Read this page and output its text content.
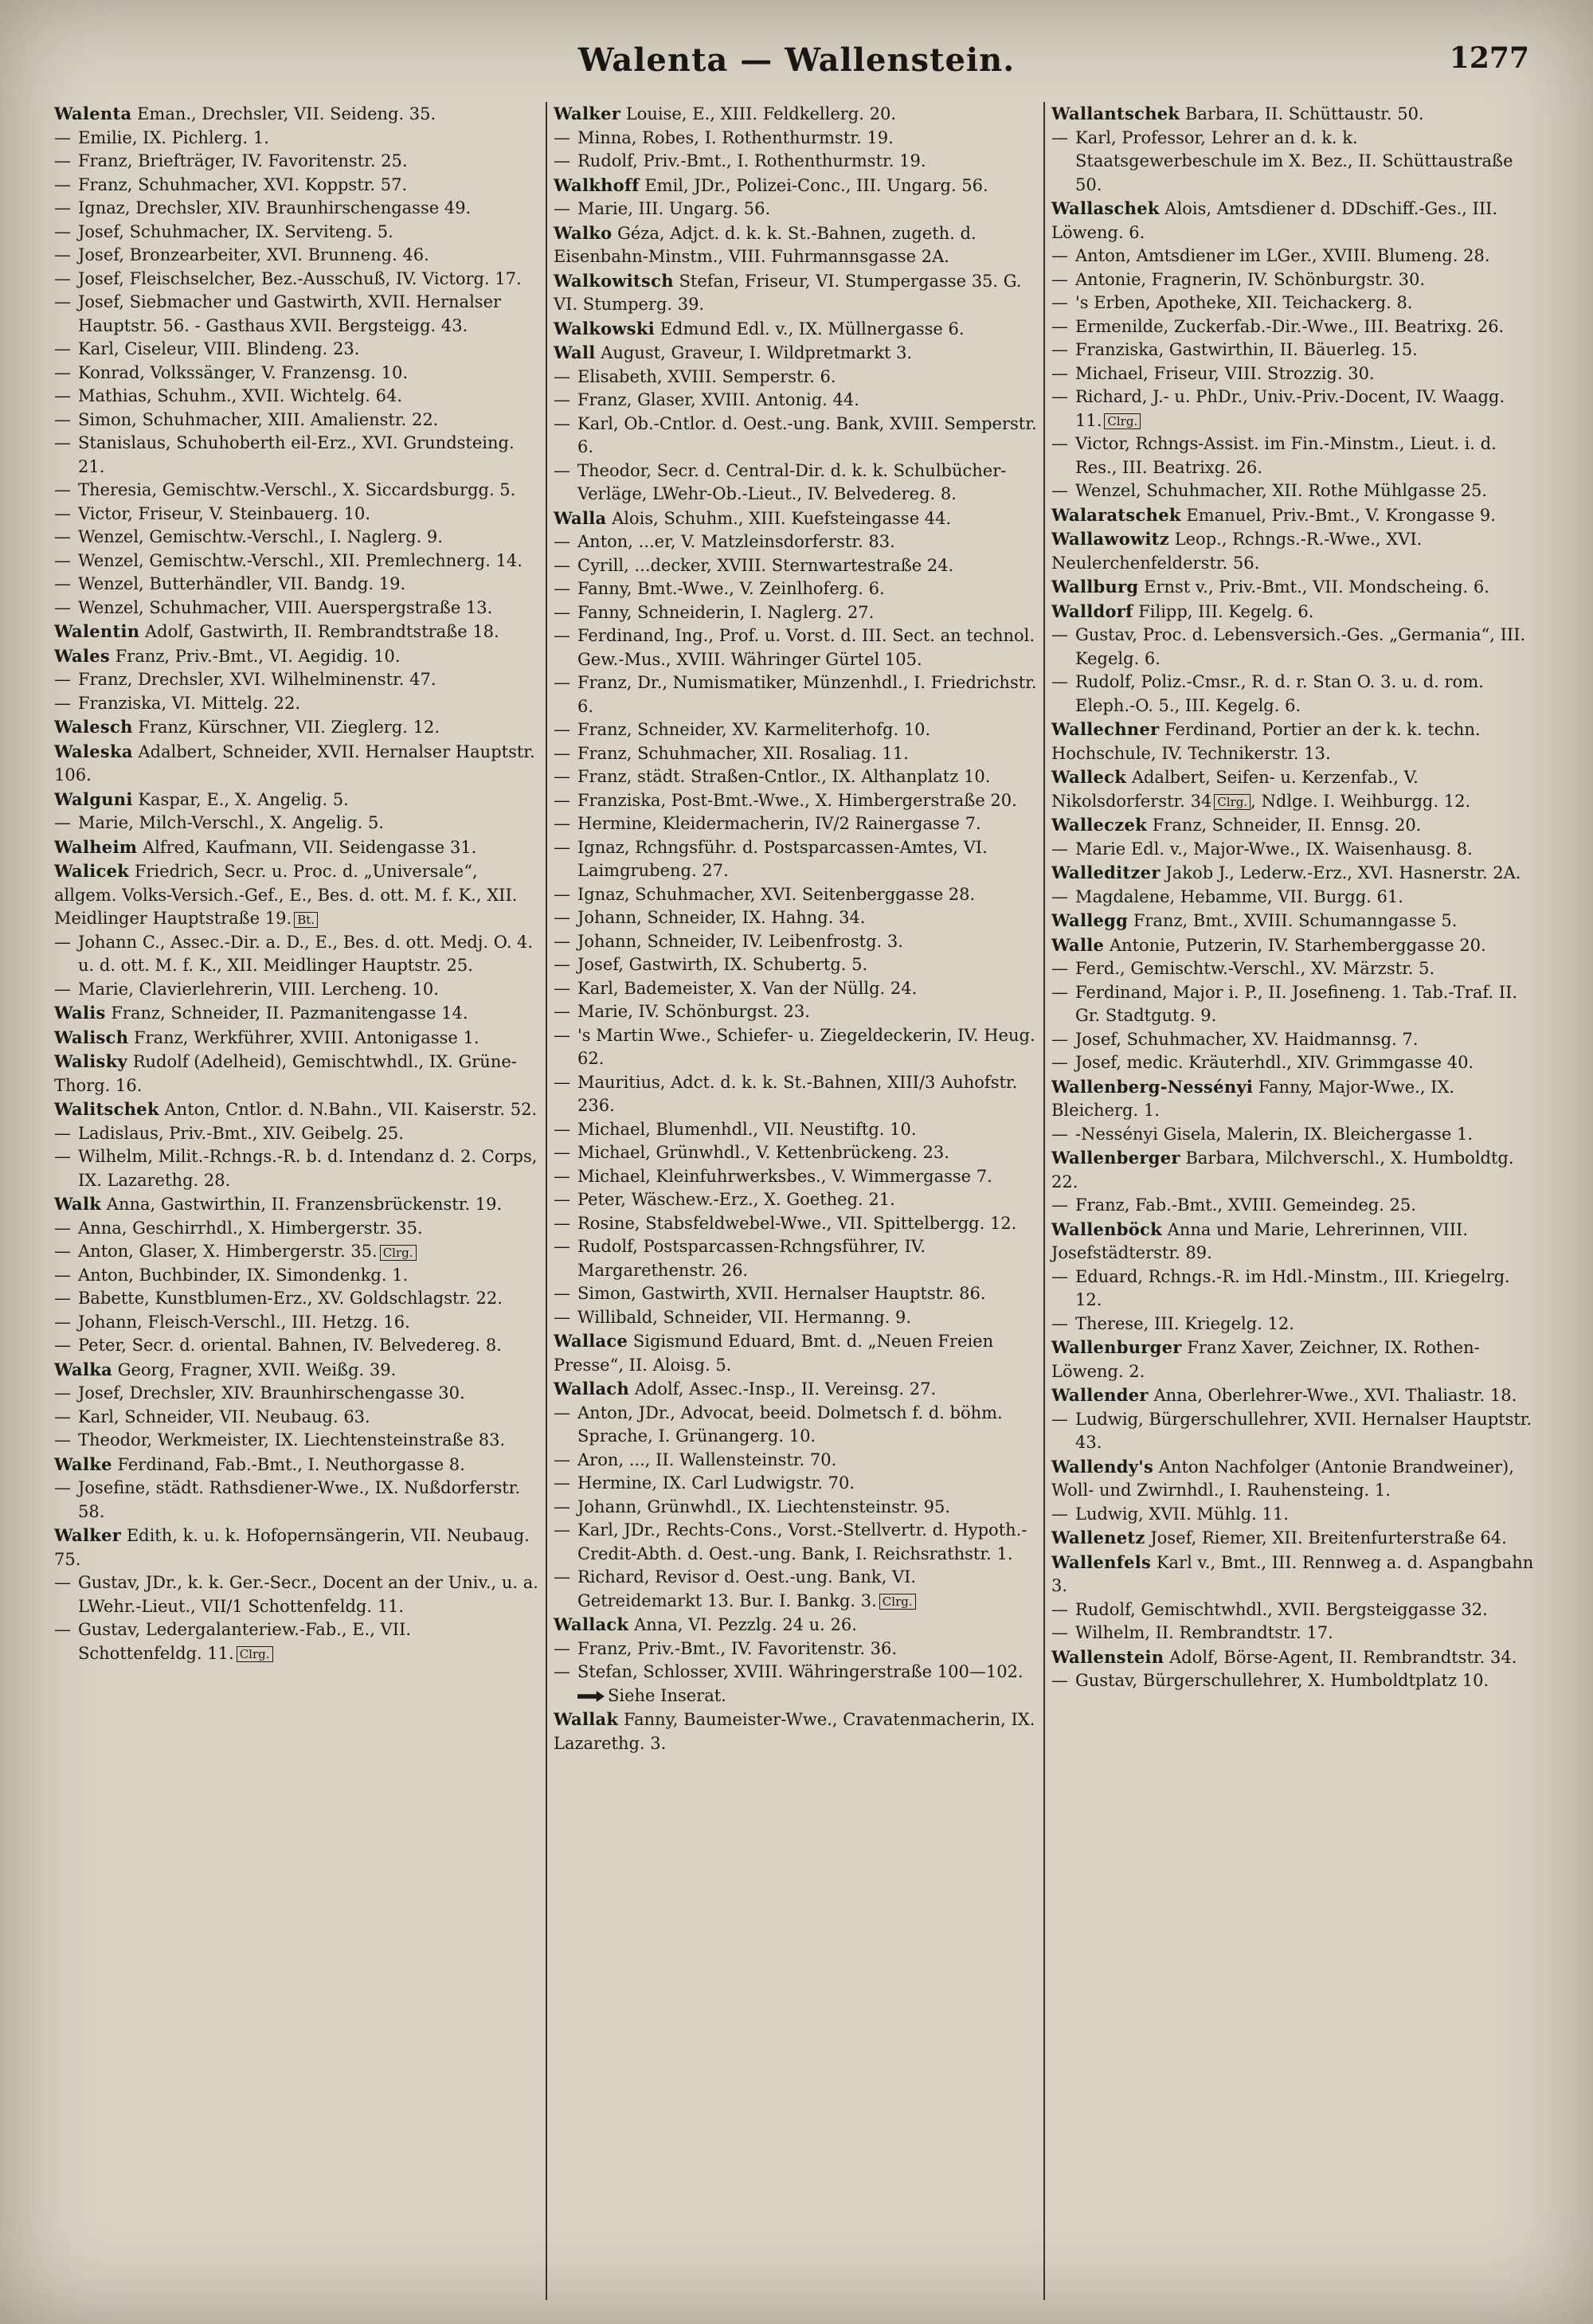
Walenta — Wallenstein.	1277
Walenta Eman., Drechsler, VII. Seideng. 35.
— Emilie, IX. Pichlerg. 1.
— Franz, Briefträger, IV. Favoritenstr. 25.
— Franz, Schuhmacher, XVI. Koppstr. 57.
— Ignaz, Drechsler, XIV. Braunhirschengasse 49.
— Josef, Schuhmacher, IX. Serviteng. 5.
— Josef, Bronzearbeiter, XVI. Brunneng. 46.
— Josef, Fleischselcher, Bez.-Ausschuß, IV. Victorg. 17.
— Josef, Siebmacher und Gastwirth, XVII. Hernalser Hauptstr. 56. - Gasthaus XVII. Bergsteigg. 43.
— Karl, Ciseleur, VIII. Blindeng. 23.
— Konrad, Volkssänger, V. Franzensg. 10.
— Mathias, Schuhm., XVII. Wichtelg. 64.
— Simon, Schuhmacher, XIII. Amalienstr. 22.
— Stanislaus, Schuhoberth eil-Erz., XVI. Grundsteing. 21.
— Theresia, Gemischtw.-Verschl., X. Siccardsburgg. 5.
— Victor, Friseur, V. Steinbauerg. 10.
— Wenzel, Gemischtw.-Verschl., I. Naglerg. 9.
— Wenzel, Gemischtw.-Verschl., XII. Premlechnerg. 14.
— Wenzel, Butterhändler, VII. Bandg. 19.
— Wenzel, Schuhmacher, VIII. Auerspergstraße 13.
Walentin Adolf, Gastwirth, II. Rembrandtstraße 18.
Wales Franz, Priv.-Bmt., VI. Aegidig. 10.
— Franz, Drechsler, XVI. Wilhelminenstr. 47.
— Franziska, VI. Mittelg. 22.
Walesch Franz, Kürschner, VII. Zieglerg. 12.
Waleska Adalbert, Schneider, XVII. Hernalser Hauptstr. 106.
Walguni Kaspar, E., X. Angelig. 5.
— Marie, Milch-Verschl., X. Angelig. 5.
Walheim Alfred, Kaufmann, VII. Seidengasse 31.
Walicek Friedrich, Secr. u. Proc. d. „Universale“, allgem. Volks-Versich.-Gef., E., Bes. d. ott. M. f. K., XII. Meidlinger Hauptstraße 19. Bt.
— Johann C., Assec.-Dir. a. D., E., Bes. d. ott. Medj. O. 4. u. d. ott. M. f. K., XII. Meidlinger Hauptstr. 25.
— Marie, Clavierlehrerin, VIII. Lercheng. 10.
Walis Franz, Schneider, II. Pazmanitengasse 14.
Walisch Franz, Werkführer, XVIII. Antonigasse 1.
Walisky Rudolf (Adelheid), Gemischtwhdl., IX. Grüne-Thorg. 16.
Walitschek Anton, Cntlor. d. N.Bahn., VII. Kaiserstr. 52.
— Ladislaus, Priv.-Bmt., XIV. Geibelg. 25.
— Wilhelm, Milit.-Rchngs.-R. b. d. Intendanz d. 2. Corps, IX. Lazarethg. 28.
Walk Anna, Gastwirthin, II. Franzensbrückenstr. 19.
— Anna, Geschirrhdl., X. Himbergerstr. 35.
— Anton, Glaser, X. Himbergerstr. 35. Clrg.
— Anton, Buchbinder, IX. Simondenkg. 1.
— Babette, Kunstblumen-Erz., XV. Goldschlagstr. 22.
— Johann, Fleisch-Verschl., III. Hetzg. 16.
— Peter, Secr. d. oriental. Bahnen, IV. Belvedereg. 8.
Walka Georg, Fragner, XVII. Weißg. 39.
— Josef, Drechsler, XIV. Braunhirschengasse 30.
— Karl, Schneider, VII. Neubaug. 63.
— Theodor, Werkmeister, IX. Liechtensteinstraße 83.
Walke Ferdinand, Fab.-Bmt., I. Neuthorgasse 8.
— Josefine, städt. Rathsdiener-Wwe., IX. Nußdorferstr. 58.
Walker Edith, k. u. k. Hofopernsängerin, VII. Neubaug. 75.
— Gustav, JDr., k. k. Ger.-Secr., Docent an der Univ., u. a. LWehr.-Lieut., VII/1 Schottenfeldg. 11.
— Gustav, Ledergalanteriew.-Fab., E., VII. Schottenfeldg. 11. Clrg.
Walker Louise, E., XIII. Feldkellerg. 20.
— Minna, Robes, I. Rothenthurmstr. 19.
— Rudolf, Priv.-Bmt., I. Rothenthurmstr. 19.
Walkhoff Emil, JDr., Polizei-Conc., III. Ungarg. 56.
— Marie, III. Ungarg. 56.
Walko Géza, Adjct. d. k. k. St.-Bahnen, zugeth. d. Eisenbahn-Minstm., VIII. Fuhrmannsgasse 2A.
Walkowitsch Stefan, Friseur, VI. Stumpergasse 35. G. VI. Stumperg. 39.
Walkowski Edmund Edl. v., IX. Müllnergasse 6.
Wall August, Graveur, I. Wildpretmarkt 3.
— Elisabeth, XVIII. Semperstr. 6.
— Franz, Glaser, XVIII. Antonig. 44.
— Karl, Ob.-Cntlor. d. Oest.-ung. Bank, XVIII. Semperstr. 6.
— Theodor, Secr. d. Central-Dir. d. k. k. Schulbücher-Verläge, LWehr-Ob.-Lieut., IV. Belvedereg. 8.
Walla Alois, Schuhm., XIII. Kuefsteingasse 44.
— Anton, ...er, V. Matzleinsdorferstr. 83.
— Cyrill, ...decker, XVIII. Sternwartestraße 24.
— Fanny, Bmt.-Wwe., V. Zeinlhoferg. 6.
— Fanny, Schneiderin, I. Naglerg. 27.
— Ferdinand, Ing., Prof. u. Vorst. d. III. Sect. an technol. Gew.-Mus., XVIII. Währinger Gürtel 105.
— Franz, Dr., Numismatiker, Münzenhdl., I. Friedrichstr. 6.
— Franz, Schneider, XV. Karmeliterhofg. 10.
— Franz, Schuhmacher, XII. Rosaliag. 11.
— Franz, städt. Straßen-Cntlor., IX. Althanplatz 10.
— Franziska, Post-Bmt.-Wwe., X. Himbergerstraße 20.
— Hermine, Kleidermacherin, IV/2 Rainergasse 7.
— Ignaz, Rchngsführ. d. Postsparcassen-Amtes, VI. Laimgrubeng. 27.
— Ignaz, Schuhmacher, XVI. Seitenberggasse 28.
— Johann, Schneider, IX. Hahng. 34.
— Johann, Schneider, IV. Leibenfrostg. 3.
— Josef, Gastwirth, IX. Schubertg. 5.
— Karl, Bademeister, X. Van der Nüllg. 24.
— Marie, IV. Schönburgst. 23.
— 's Martin Wwe., Schiefer- u. Ziegeldeckerin, IV. Heug. 62.
— Mauritius, Adct. d. k. k. St.-Bahnen, XIII/3 Auhofstr. 236.
— Michael, Blumenhdl., VII. Neustiftg. 10.
— Michael, Grünwhdl., V. Kettenbrückeng. 23.
— Michael, Kleinfuhrwerksbes., V. Wimmergasse 7.
— Peter, Wäschew.-Erz., X. Goetheg. 21.
— Rosine, Stabsfeldwebel-Wwe., VII. Spittelbergg. 12.
— Rudolf, Postsparcassen-Rchngsführer, IV. Margarethenstr. 26.
— Simon, Gastwirth, XVII. Hernalser Hauptstr. 86.
— Willibald, Schneider, VII. Hermanng. 9.
Wallace Sigismund Eduard, Bmt. d. „Neuen Freien Presse“, II. Aloisg. 5.
Wallach Adolf, Assec.-Insp., II. Vereinsg. 27.
— Anton, JDr., Advocat, beeid. Dolmetsch f. d. böhm. Sprache, I. Grünangerg. 10.
— Aron, ..., II. Wallensteinstr. 70.
— Hermine, IX. Carl Ludwigstr. 70.
— Johann, Grünwhdl., IX. Liechtensteinstr. 95.
— Karl, JDr., Rechts-Cons., Vorst.-Stellvertr. d. Hypoth.-Credit-Abth. d. Oest.-ung. Bank, I. Reichsrathstr. 1.
— Richard, Revisor d. Oest.-ung. Bank, VI. Getreidemarkt 13. Bur. I. Bankg. 3. Clrg.
Wallack Anna, VI. Pezzlg. 24 u. 26.
— Franz, Priv.-Bmt., IV. Favoritenstr. 36.
— Stefan, Schlosser, XVIII. Währingerstraße 100—102. Siehe Inserat.
Wallak Fanny, Baumeister-Wwe., Cravatenmacherin, IX. Lazarethg. 3.
Wallantschek Barbara, II. Schüttaustr. 50.
— Karl, Professor, Lehrer an d. k. k. Staatsgewerbeschule im X. Bez., II. Schüttaustraße 50.
Wallaschek Alois, Amtsdiener d. DDschiff.-Ges., III. Löweng. 6.
— Anton, Amtsdiener im LGer., XVIII. Blumeng. 28.
— Antonie, Fragnerin, IV. Schönburgstr. 30.
— 's Erben, Apotheke, XII. Teichackerg. 8.
— Ermenilde, Zuckerfab.-Dir.-Wwe., III. Beatrixg. 26.
— Franziska, Gastwirthin, II. Bäuerleg. 15.
— Michael, Friseur, VIII. Strozzig. 30.
— Richard, J.- u. PhDr., Univ.-Priv.-Docent, IV. Waagg. 11. Clrg.
— Victor, Rchngs-Assist. im Fin.-Minstm., Lieut. i. d. Res., III. Beatrixg. 26.
— Wenzel, Schuhmacher, XII. Rothe Mühlgasse 25.
Walaratschek Emanuel, Priv.-Bmt., V. Krongasse 9.
Wallawowitz Leop., Rchngs.-R.-Wwe., XVI. Neulerchenfelderstr. 56.
Wallburg Ernst v., Priv.-Bmt., VII. Mondscheing. 6.
Walldorf Filipp, III. Kegelg. 6.
— Gustav, Proc. d. Lebensversich.-Ges. „Germania“, III. Kegelg. 6.
— Rudolf, Poliz.-Cmsr., R. d. r. Stan O. 3. u. d. rom. Eleph.-O. 5., III. Kegelg. 6.
Wallechner Ferdinand, Portier an der k. k. techn. Hochschule, IV. Technikerstr. 13.
Walleck Adalbert, Seifen- u. Kerzenfab., V. Nikolsdorferstr. 34 Clrg. , Ndlge. I. Weihburgg. 12.
Walleczek Franz, Schneider, II. Ennsg. 20.
— Marie Edl. v., Major-Wwe., IX. Waisenhausg. 8.
Walleditzer Jakob J., Lederw.-Erz., XVI. Hasnerstr. 2A.
— Magdalene, Hebamme, VII. Burgg. 61.
Wallegg Franz, Bmt., XVIII. Schumanngasse 5.
Walle Antonie, Putzerin, IV. Starhemberggasse 20.
— Ferd., Gemischtw.-Verschl., XV. Märzstr. 5.
— Ferdinand, Major i. P., II. Josefineng. 1. Tab.-Traf. II. Gr. Stadtgutg. 9.
— Josef, Schuhmacher, XV. Haidmannsg. 7.
— Josef, medic. Kräuterhdl., XIV. Grimmgasse 40.
Wallenberg-Nessényi Fanny, Major-Wwe., IX. Bleicherg. 1.
— -Nessényi Gisela, Malerin, IX. Bleichergasse 1.
Wallenberger Barbara, Milchverschl., X. Humboldtg. 22.
— Franz, Fab.-Bmt., XVIII. Gemeindeg. 25.
Wallenböck Anna und Marie, Lehrerinnen, VIII. Josefstädterstr. 89.
— Eduard, Rchngs.-R. im Hdl.-Minstm., III. Kriegelrg. 12.
— Therese, III. Kriegelg. 12.
Wallenburger Franz Xaver, Zeichner, IX. Rothen-Löweng. 2.
Wallender Anna, Oberlehrer-Wwe., XVI. Thaliastr. 18.
— Ludwig, Bürgerschullehrer, XVII. Hernalser Hauptstr. 43.
Wallendy's Anton Nachfolger (Antonie Brandweiner), Woll- und Zwirnhdl., I. Rauhensteing. 1.
— Ludwig, XVII. Mühlg. 11.
Wallenetz Josef, Riemer, XII. Breitenfurterstraße 64.
Wallenfels Karl v., Bmt., III. Rennweg a. d. Aspangbahn 3.
— Rudolf, Gemischtwhdl., XVII. Bergsteiggasse 32.
— Wilhelm, II. Rembrandtstr. 17.
Wallenstein Adolf, Börse-Agent, II. Rembrandtstr. 34.
— Gustav, Bürgerschullehrer, X. Humboldtplatz 10.
